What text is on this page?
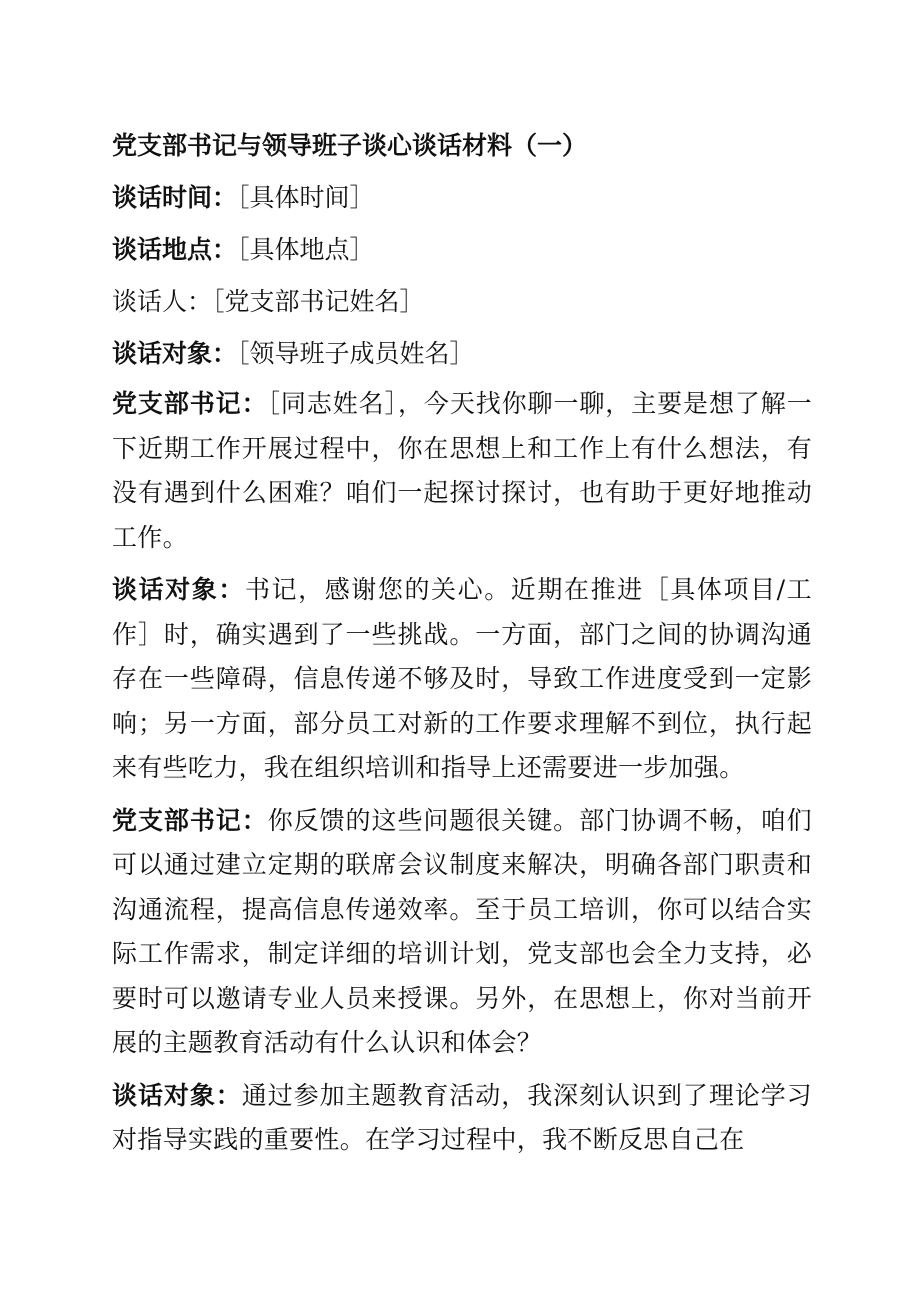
党支部书记与领导班子谈心谈话材料（一）
谈话时间：［具体时间］
谈话地点：［具体地点］
谈话人：［党支部书记姓名］
谈话对象：［领导班子成员姓名］

党支部书记：［同志姓名］，今天找你聊一聊，主要是想了解一下近期工作开展过程中，你在思想上和工作上有什么想法，有没有遇到什么困难？咱们一起探讨探讨，也有助于更好地推动工作。

谈话对象：书记，感谢您的关心。近期在推进［具体项目/工作］时，确实遇到了一些挑战。一方面，部门之间的协调沟通存在一些障碍，信息传递不够及时，导致工作进度受到一定影响；另一方面，部分员工对新的工作要求理解不到位，执行起来有些吃力，我在组织培训和指导上还需要进一步加强。

党支部书记：你反馈的这些问题很关键。部门协调不畅，咱们可以通过建立定期的联席会议制度来解决，明确各部门职责和沟通流程，提高信息传递效率。至于员工培训，你可以结合实际工作需求，制定详细的培训计划，党支部也会全力支持，必要时可以邀请专业人员来授课。另外，在思想上，你对当前开展的主题教育活动有什么认识和体会？

谈话对象：通过参加主题教育活动，我深刻认识到了理论学习对指导实践的重要性。在学习过程中，我不断反思自己在
